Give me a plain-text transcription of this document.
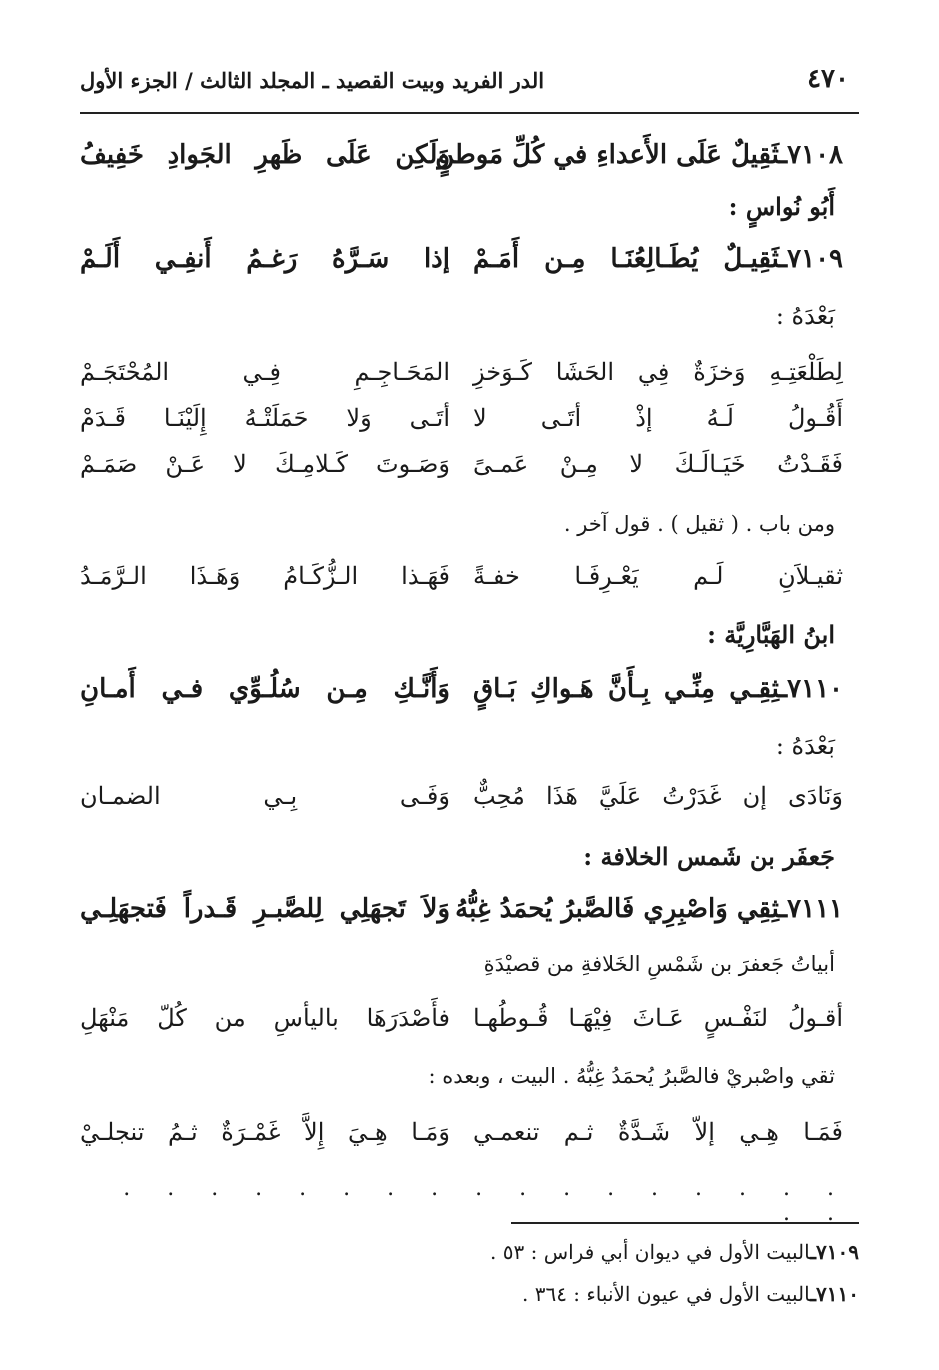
٤٧٠
الدر الفريد وبيت القصيد ـ المجلد الثالث / الجزء الأول
٧١٠٨ـثَقِيلٌ عَلَى الأَعداءِ في كُلِّ مَوطنٍ
وَلَكِن عَلَى ظَهرِ الجَوادِ خَفِيفُ
أَبُو نُواسٍ :
٧١٠٩ـثَقِيـلٌ يُطَـالِعُنَـا مِـن أَمَـمْ
إذا سَـرَّهُ رَغـمُ أَنفِـي أَلَـمْ
بَعْدَهُ :
لِطَلْعَتِـهِ وَخزَةٌ فِي الحَشَا كَـوَخزِ
المَحَـاجِـمِ فِـي المُحْتَجَـمْ
أَقُـولُ لَـهُ إذْ أتَـى لا
أتَـى وَلا حَمَلَتْـهُ إِلَيْنَـا قَـدَمْ
فَقَـدْتُ خَيَـالَـكَ لا مِـنْ عَمـىً
وَصَـوتَ كَـلامِـكَ لا عَـنْ صَمَـمْ
ومن باب . ( ثقيل ) . قول آخر .
ثقيـلاَنِ لَـم يَعْـرِفَـا خفـةً
فَهَـذا الـزُّكَـامُ وَهَـذَا الـرَّمَـدُ
ابنُ الهَبَّارِيَّة :
٧١١٠ـثِقِـي مِنِّـي بِـأَنَّ هَـواكِ بَـاقٍ
وَأَنَّـكِ مِـن سُلُـوِّي فـي أَمـانِ
بَعْدَهُ :
وَنَادَى إن غَدَرْتُ عَلَيَّ هَذَا مُحِبٌّ
وَفَـى بِـي الضمـان
جَعفَر بن شَمس الخلافة :
٧١١١ـثِقِي وَاصْبِرِي فَالصَّبرُ يُحمَدُ غِبُّهُ
وَلاَ تَجهَلِي لِلصَّبـرِ قَـدراً فَتجهَلِـي
أبياتُ جَعفرَ بن شَمْسِ الخَلافةِ من قصيْدَةِ
أقـولُ لنَفْـسٍ عَـاثَ فِيْهَـا قُـوطُهـا
فأَصْدَرَهَا باليأسِ من كُلّ مَنْهَلِ
ثقي واصْبريْ فالصَّبرُ يُحمَدُ غِبُّهُ . البيت ، وبعده :
فَمَـا هِـي إلاّ شَـدَّةٌ ثـم تنعمـي
وَمَـا هِـيَ إِلاَّ غَمْـرَةٌ ثـمُ تنجلـيْ
. . . . . . . . . . . . . . . . . . .
٧١٠٩ـالبيت الأول في ديوان أبي فراس : ٥٣ .
٧١١٠ـالبيت الأول في عيون الأنباء : ٣٦٤ .
